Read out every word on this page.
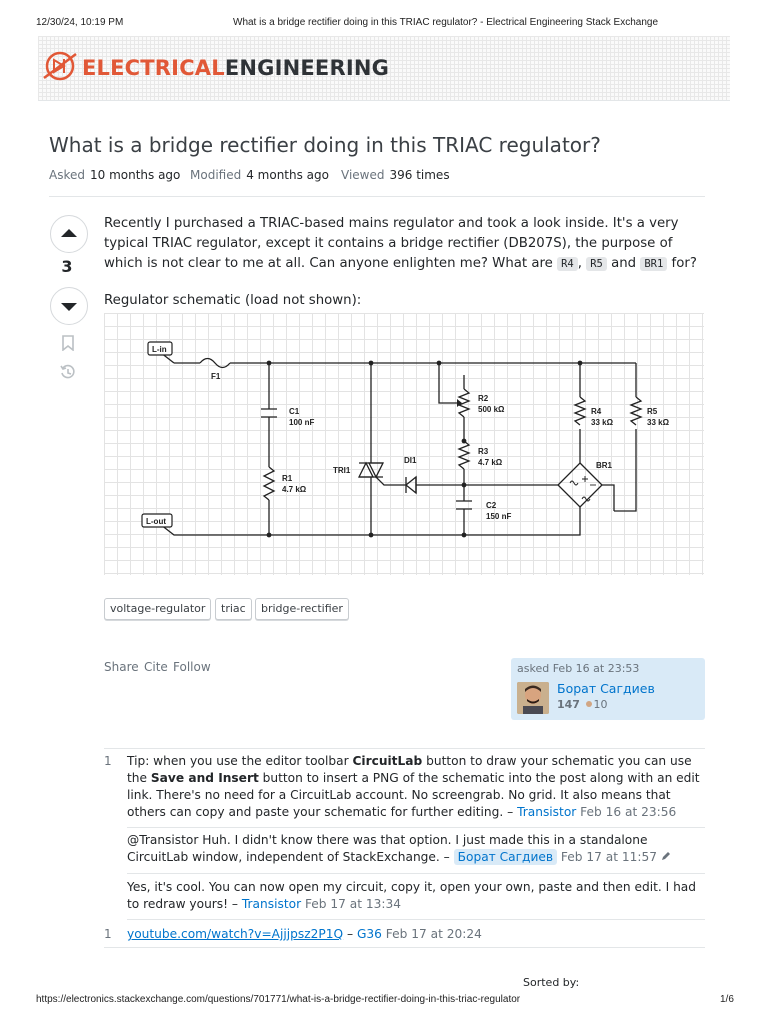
12/30/24, 10:19 PM	What is a bridge rectifier doing in this TRIAC regulator? - Electrical Engineering Stack Exchange
ELECTRICALENGINEERING
What is a bridge rectifier doing in this TRIAC regulator?
Asked 10 months ago Modified 4 months ago Viewed 396 times
3
Recently I purchased a TRIAC-based mains regulator and took a look inside. It's a very typical TRIAC regulator, except it contains a bridge rectifier (DB207S), the purpose of which is not clear to me at all. Can anyone enlighten me? What are R4 , R5 and BR1 for?
Regulator schematic (load not shown):
L-in
L-out
F1
C1
100 nF
R1
4.7 kΩ
TRI1
DI1
R2
500 kΩ
R3
4.7 kΩ
C2
150 nF
R4
33 kΩ
R5
33 kΩ
BR1
voltage-regulator	triac	bridge-rectifier
Share Cite Follow	asked Feb 16 at 23:53
Борат Сагдиев
147 10
1 Tip: when you use the editor toolbar CircuitLab button to draw your schematic you can use the Save and Insert button to insert a PNG of the schematic into the post along with an edit link. There's no need for a CircuitLab account. No screengrab. No grid. It also means that others can copy and paste your schematic for further editing. – Transistor Feb 16 at 23:56
@Transistor Huh. I didn't know there was that option. I just made this in a standalone CircuitLab window, independent of StackExchange. – Борат Сагдиев Feb 17 at 11:57
Yes, it's cool. You can now open my circuit, copy it, open your own, paste and then edit. I had to redraw yours! – Transistor Feb 17 at 13:34
1 youtube.com/watch?v=Ajjjpsz2P1Q – G36 Feb 17 at 20:24
Sorted by:
https://electronics.stackexchange.com/questions/701771/what-is-a-bridge-rectifier-doing-in-this-triac-regulator	1/6
